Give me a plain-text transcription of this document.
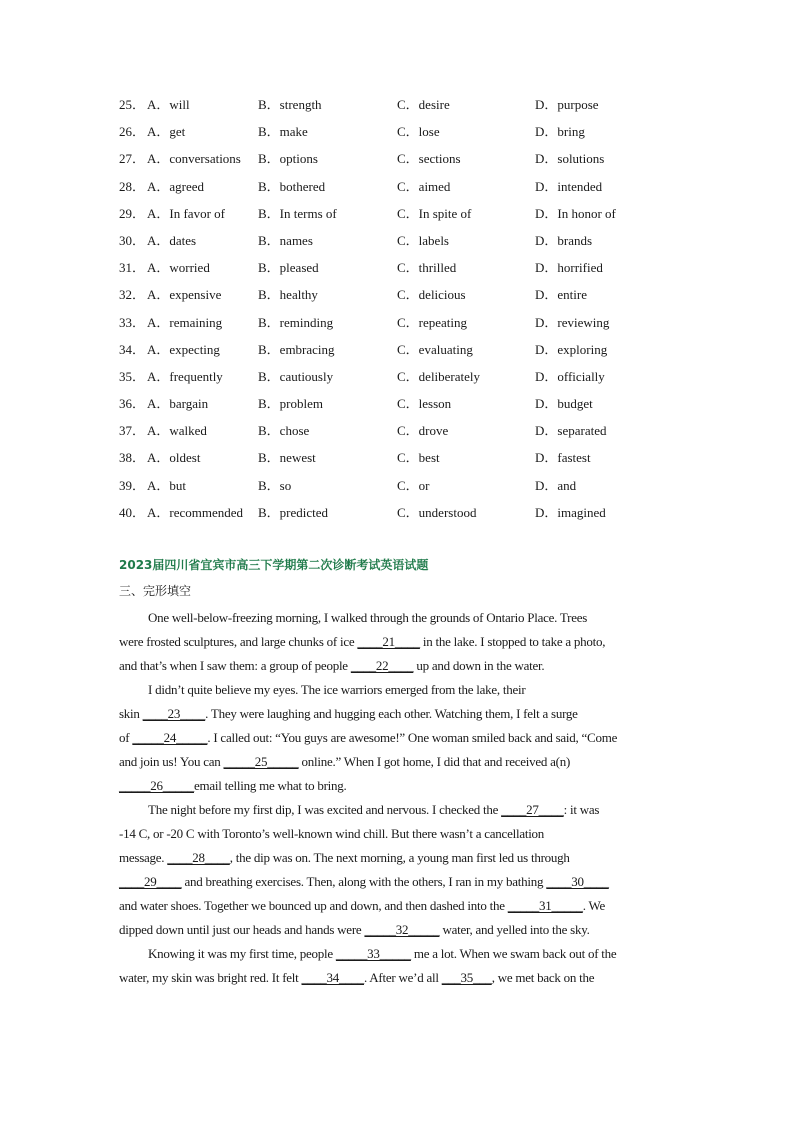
25． A．will	B．strength	C．desire	D．purpose
26． A．get	B．make	C．lose	D．bring
27． A．conversations B．options	C．sections	D．solutions
28． A．agreed	B．bothered	C．aimed	D．intended
29． A．In favor of	B．In terms of	C．In spite of	D．In honor of
30． A．dates	B．names	C．labels	D．brands
31． A．worried	B．pleased	C．thrilled	D．horrified
32． A．expensive	B．healthy	C．delicious	D．entire
33． A．remaining	B．reminding	C．repeating	D．reviewing
34． A．expecting	B．embracing	C．evaluating	D．exploring
35． A．frequently	B．cautiously	C．deliberately	D．officially
36． A．bargain	B．problem	C．lesson	D．budget
37． A．walked	B．chose	C．drove	D．separated
38． A．oldest	B．newest	C．best	D．fastest
39． A．but	B．so	C．or	D．and
40． A．recommended B．predicted	C．understood	D．imagined
2023届四川省宜宾市高三下学期第二次诊断考试英语试题
三、完形填空
One well-below-freezing morning, I walked through the grounds of Ontario Place. Trees
were frosted sculptures, and large chunks of ice ____21____ in the lake. I stopped to take a photo,
and that’s when I saw them: a group of people ____22____ up and down in the water.
I didn’t quite believe my eyes. The ice warriors emerged from the lake, their
skin ____23____. They were laughing and hugging each other. Watching them, I felt a surge
of _____24_____. I called out: “You guys are awesome!” One woman smiled back and said, “Come
and join us! You can _____25_____ online.” When I got home, I did that and received a(n)
_____26_____email telling me what to bring.
The night before my first dip, I was excited and nervous. I checked the ____27____: it was
-14 C, or -20 C with Toronto’s well-known wind chill. But there wasn’t a cancellation
message. ____28____, the dip was on. The next morning, a young man first led us through
____29____ and breathing exercises. Then, along with the others, I ran in my bathing ____30____
and water shoes. Together we bounced up and down, and then dashed into the _____31_____. We
dipped down until just our heads and hands were _____32_____ water, and yelled into the sky.
Knowing it was my first time, people _____33_____ me a lot. When we swam back out of the
water, my skin was bright red. It felt ____34____. After we’d all ___35___, we met back on the
